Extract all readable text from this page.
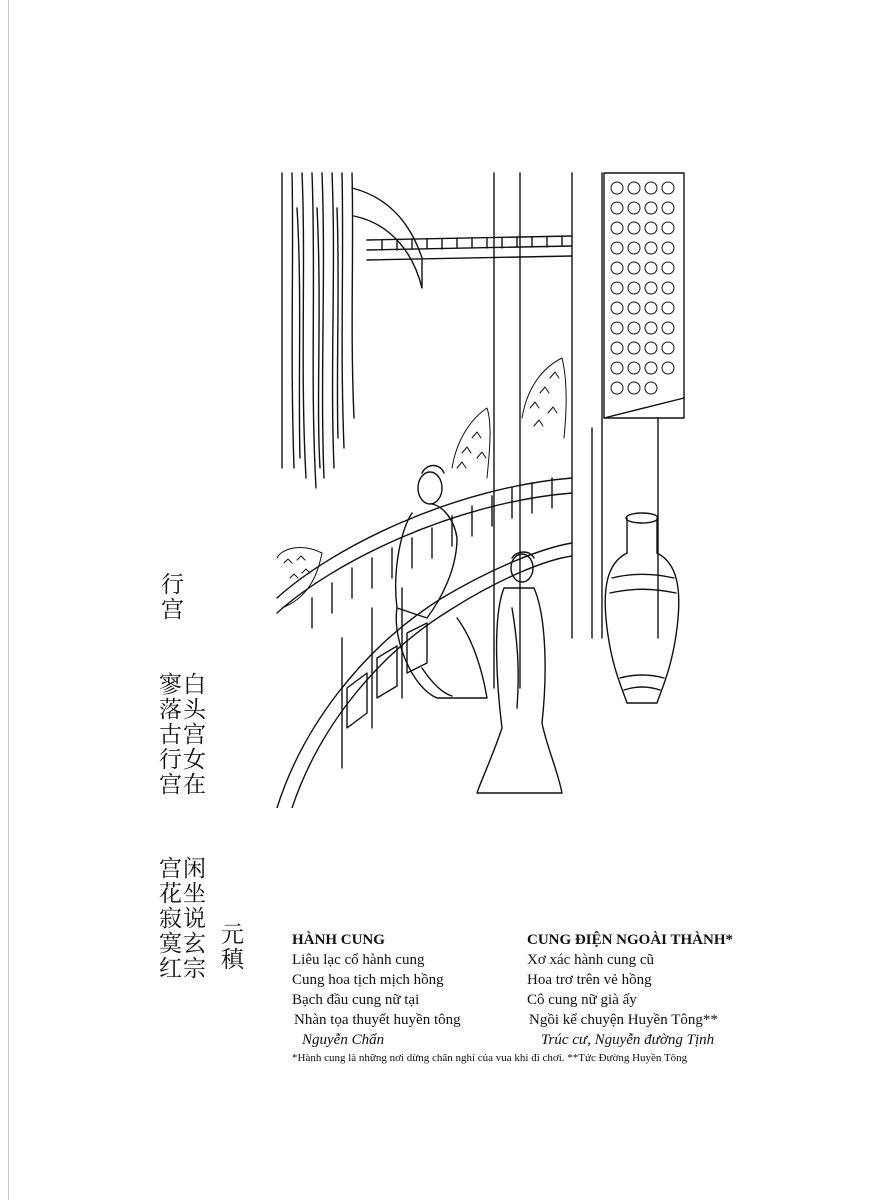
行宫
白头宫女在
寥落古行宫
闲坐说玄宗
宫花寂寞红 元稹	HÀNH CUNG
Liêu lạc cổ hành cung
Cung hoa tịch mịch hồng
Bạch đầu cung nữ tại
Nhàn tọa thuyết huyền tông
Nguyễn Chẩn
CUNG ĐIỆN NGOÀI THÀNH*
Xơ xác hành cung cũ
Hoa trơ trên vẻ hồng
Cô cung nữ già ấy
Ngồi kể chuyện Huyền Tông**
Trúc cư, Nguyễn đường Tịnh
*Hành cung là những nơi dừng chân nghỉ của vua khi đi chơi. **Tức Đường Huyền Tông
